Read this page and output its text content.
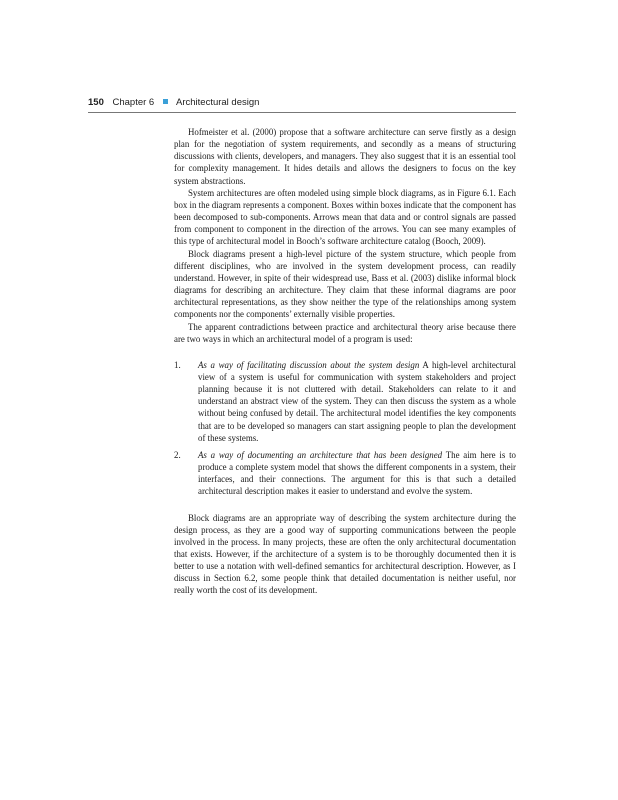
150 Chapter 6 Architectural design

Hofmeister et al. (2000) propose that a software architecture can serve firstly as a design plan for the negotiation of system requirements, and secondly as a means of structuring discussions with clients, developers, and managers. They also suggest that it is an essential tool for complexity management. It hides details and allows the designers to focus on the key system abstractions.

System architectures are often modeled using simple block diagrams, as in Figure 6.1. Each box in the diagram represents a component. Boxes within boxes indicate that the component has been decomposed to sub-components. Arrows mean that data and or control signals are passed from component to component in the direction of the arrows. You can see many examples of this type of architectural model in Booch’s software architecture catalog (Booch, 2009).

Block diagrams present a high-level picture of the system structure, which people from different disciplines, who are involved in the system development process, can readily understand. However, in spite of their widespread use, Bass et al. (2003) dislike informal block diagrams for describing an architecture. They claim that these informal diagrams are poor architectural representations, as they show neither the type of the relationships among system components nor the components’ externally visible properties.

The apparent contradictions between practice and architectural theory arise because there are two ways in which an architectural model of a program is used:

1. As a way of facilitating discussion about the system design A high-level architectural view of a system is useful for communication with system stakeholders and project planning because it is not cluttered with detail. Stakeholders can relate to it and understand an abstract view of the system. They can then discuss the system as a whole without being confused by detail. The architectural model identifies the key components that are to be developed so managers can start assigning people to plan the development of these systems.
2. As a way of documenting an architecture that has been designed The aim here is to produce a complete system model that shows the different components in a system, their interfaces, and their connections. The argument for this is that such a detailed architectural description makes it easier to understand and evolve the system.

Block diagrams are an appropriate way of describing the system architecture during the design process, as they are a good way of supporting communications between the people involved in the process. In many projects, these are often the only architectural documentation that exists. However, if the architecture of a system is to be thoroughly documented then it is better to use a notation with well-defined semantics for architectural description. However, as I discuss in Section 6.2, some people think that detailed documentation is neither useful, nor really worth the cost of its development.
